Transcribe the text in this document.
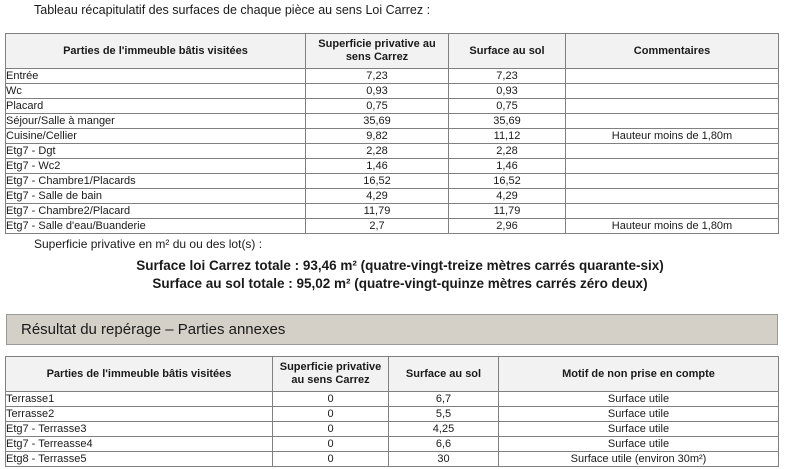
Tableau récapitulatif des surfaces de chaque pièce au sens Loi Carrez :
Parties de l'immeuble bâtis visitées	Superficie privative au sens Carrez	Surface au sol	Commentaires
Entrée	7,23	7,23	
Wc	0,93	0,93	
Placard	0,75	0,75	
Séjour/Salle à manger	35,69	35,69	
Cuisine/Cellier	9,82	11,12	Hauteur moins de 1,80m
Etg7 - Dgt	2,28	2,28	
Etg7 - Wc2	1,46	1,46	
Etg7 - Chambre1/Placards	16,52	16,52	
Etg7 - Salle de bain	4,29	4,29	
Etg7 - Chambre2/Placard	11,79	11,79	
Etg7 - Salle d'eau/Buanderie	2,7	2,96	Hauteur moins de 1,80m
Superficie privative en m² du ou des lot(s) :
Surface loi Carrez totale : 93,46 m² (quatre-vingt-treize mètres carrés quarante-six)
Surface au sol totale : 95,02 m² (quatre-vingt-quinze mètres carrés zéro deux)
Résultat du repérage – Parties annexes
Parties de l'immeuble bâtis visitées	Superficie privative au sens Carrez	Surface au sol	Motif de non prise en compte
Terrasse1	0	6,7	Surface utile
Terrasse2	0	5,5	Surface utile
Etg7 - Terrasse3	0	4,25	Surface utile
Etg7 - Terreasse4	0	6,6	Surface utile
Etg8 - Terrasse5	0	30	Surface utile (environ 30m²)
